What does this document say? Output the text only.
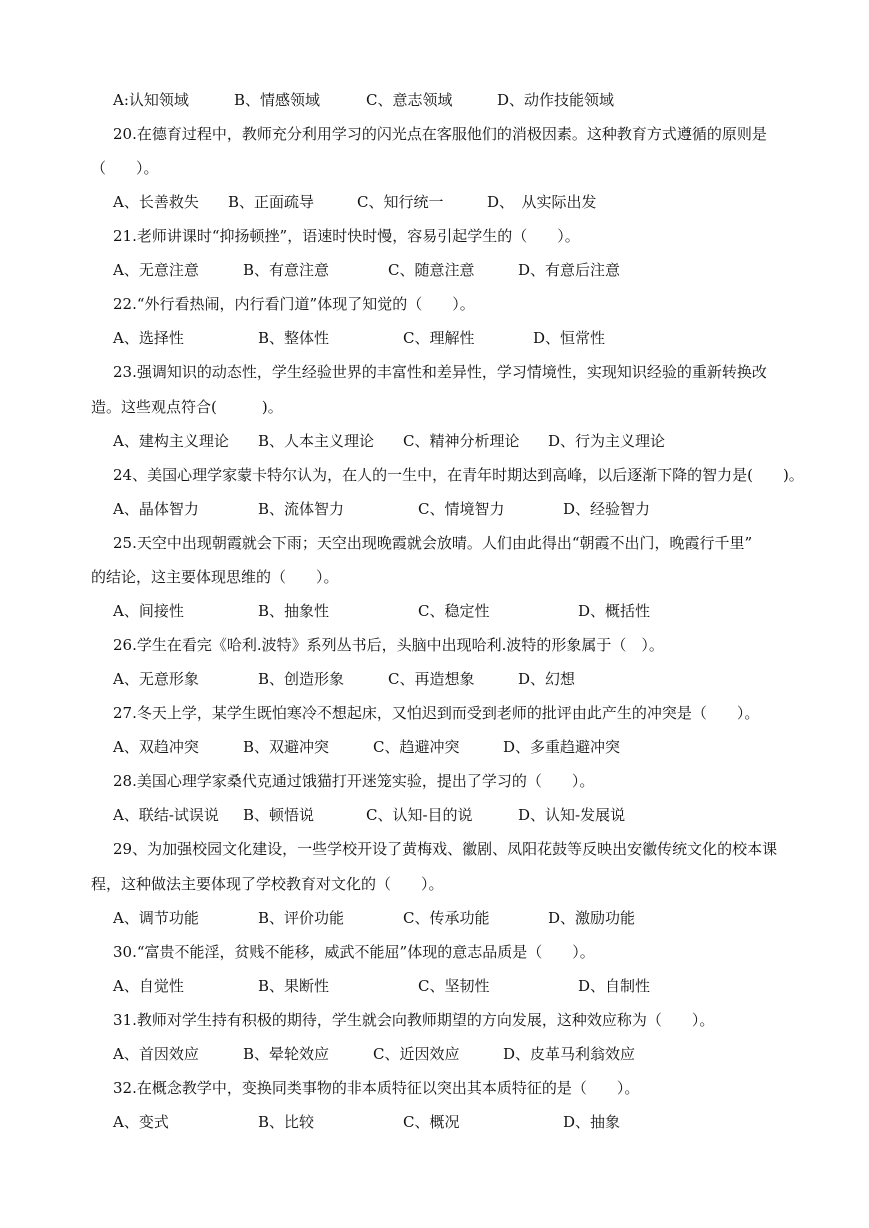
A:认知领域	B、情感领域	C、意志领域	D、动作技能领域
20.在德育过程中，教师充分利用学习的闪光点在客服他们的消极因素。这种教育方式遵循的原则是
（　　）。
A、长善救失 B、正面疏导	C、知行统一	D、　从实际出发
21.老师讲课时“抑扬顿挫”，语速时快时慢，容易引起学生的（　　）。
A、无意注意	B、有意注意	C、随意注意	D、有意后注意
22.“外行看热闹，内行看门道”体现了知觉的（　　）。
A、选择性	B、整体性	C、理解性	D、恒常性
23.强调知识的动态性，学生经验世界的丰富性和差异性，学习情境性，实现知识经验的重新转换改
造。这些观点符合(　　　)。
A、建构主义理论 B、人本主义理论 C、精神分析理论 D、行为主义理论
24、美国心理学家蒙卡特尔认为，在人的一生中，在青年时期达到高峰，以后逐渐下降的智力是(　　)。
A、晶体智力	B、流体智力	C、情境智力	D、经验智力
25.天空中出现朝霞就会下雨；天空出现晚霞就会放晴。人们由此得出“朝霞不出门，晚霞行千里”
的结论，这主要体现思维的（　　）。
A、间接性	B、抽象性	C、稳定性	D、概括性
26.学生在看完《哈利.波特》系列丛书后，头脑中出现哈利.波特的形象属于（　）。
A、无意形象	B、创造形象	C、再造想象	D、幻想
27.冬天上学，某学生既怕寒冷不想起床，又怕迟到而受到老师的批评由此产生的冲突是（　　）。
A、双趋冲突	B、双避冲突	C、趋避冲突	D、多重趋避冲突
28.美国心理学家桑代克通过饿猫打开迷笼实验，提出了学习的（　　）。
A、联结-试误说 B、顿悟说	C、认知-目的说	D、认知-发展说
29、为加强校园文化建设，一些学校开设了黄梅戏、徽剧、凤阳花鼓等反映出安徽传统文化的校本课
程，这种做法主要体现了学校教育对文化的（　　）。
A、调节功能	B、评价功能	C、传承功能	D、激励功能
30.“富贵不能淫，贫贱不能移，威武不能屈”体现的意志品质是（　　）。
A、自觉性	B、果断性	C、坚韧性	D、自制性
31.教师对学生持有积极的期待，学生就会向教师期望的方向发展，这种效应称为（　　）。
A、首因效应	B、晕轮效应	C、近因效应	D、皮革马利翁效应
32.在概念教学中，变换同类事物的非本质特征以突出其本质特征的是（　　）。
A、变式	B、比较	C、概况	D、抽象
